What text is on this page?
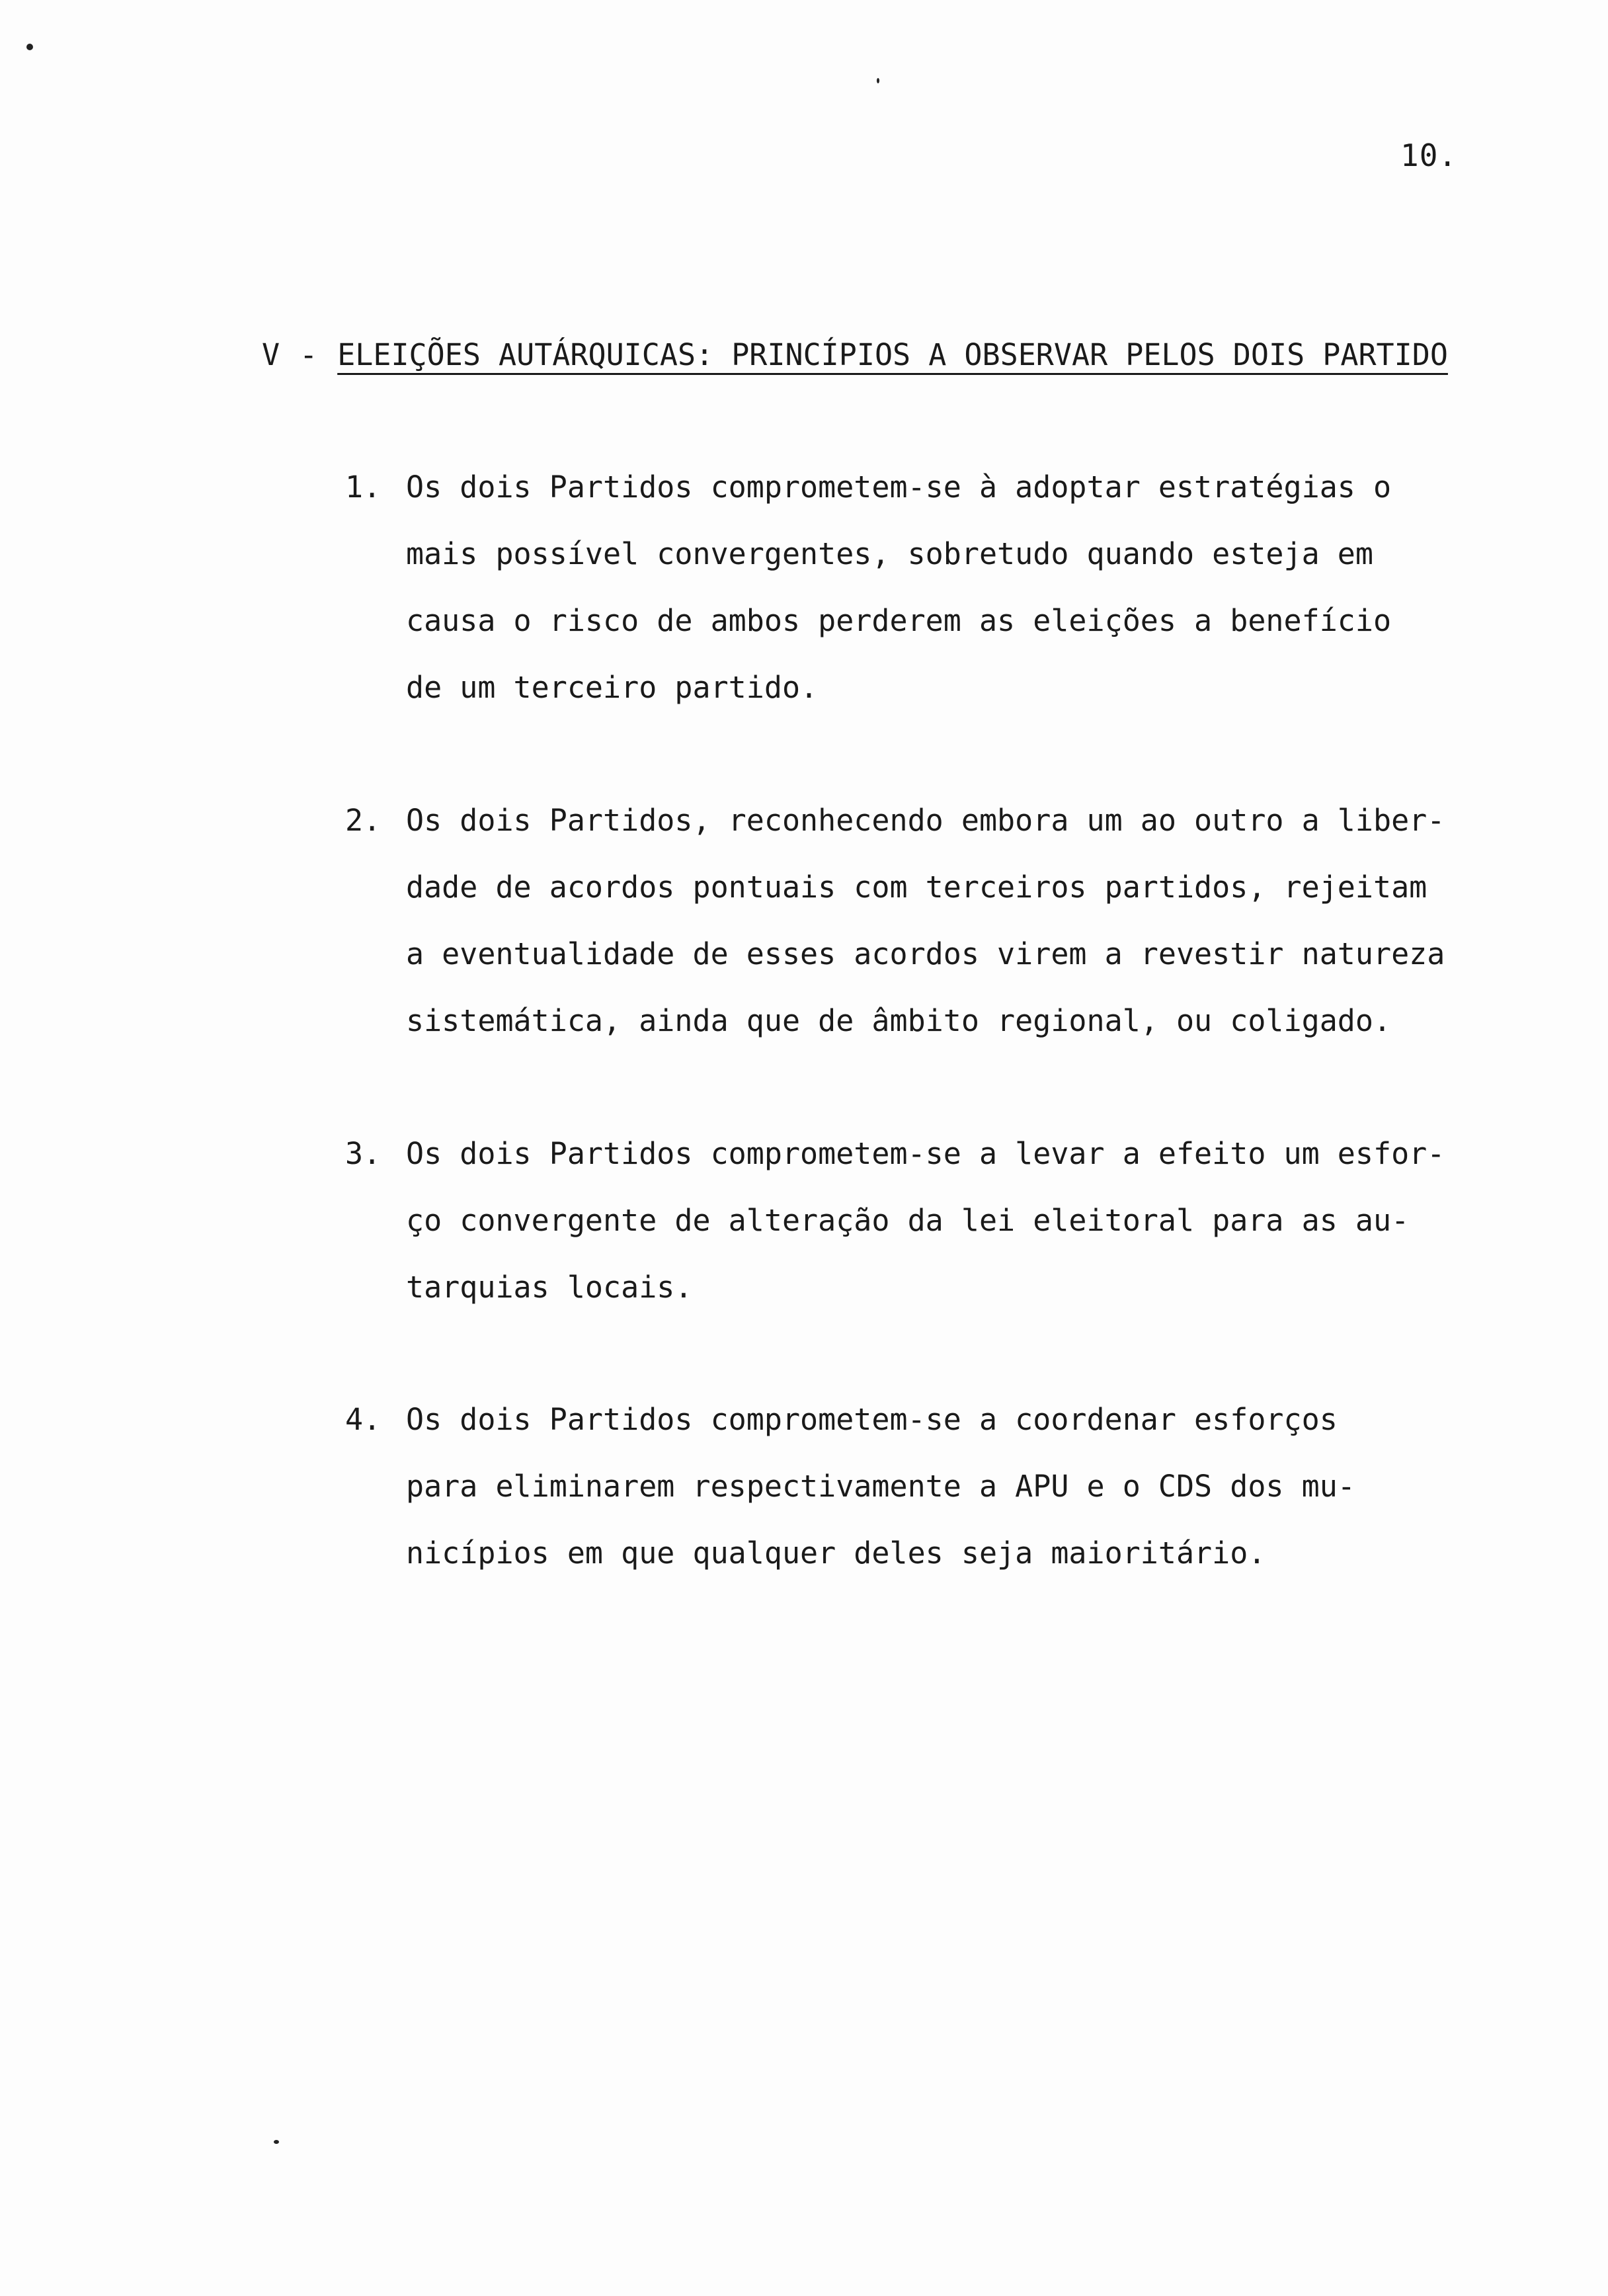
10.
V - ELEIÇÕES AUTÁRQUICAS: PRINCÍPIOS A OBSERVAR PELOS DOIS PARTIDO
1. Os dois Partidos comprometem-se à adoptar estratégias o
mais possível convergentes, sobretudo quando esteja em
causa o risco de ambos perderem as eleições a benefício
de um terceiro partido.
2. Os dois Partidos, reconhecendo embora um ao outro a liber-
dade de acordos pontuais com terceiros partidos, rejeitam
a eventualidade de esses acordos virem a revestir natureza
sistemática, ainda que de âmbito regional, ou coligado.
3. Os dois Partidos comprometem-se a levar a efeito um esfor-
ço convergente de alteração da lei eleitoral para as au-
tarquias locais.
4. Os dois Partidos comprometem-se a coordenar esforços
para eliminarem respectivamente a APU e o CDS dos mu-
nicípios em que qualquer deles seja maioritário.
